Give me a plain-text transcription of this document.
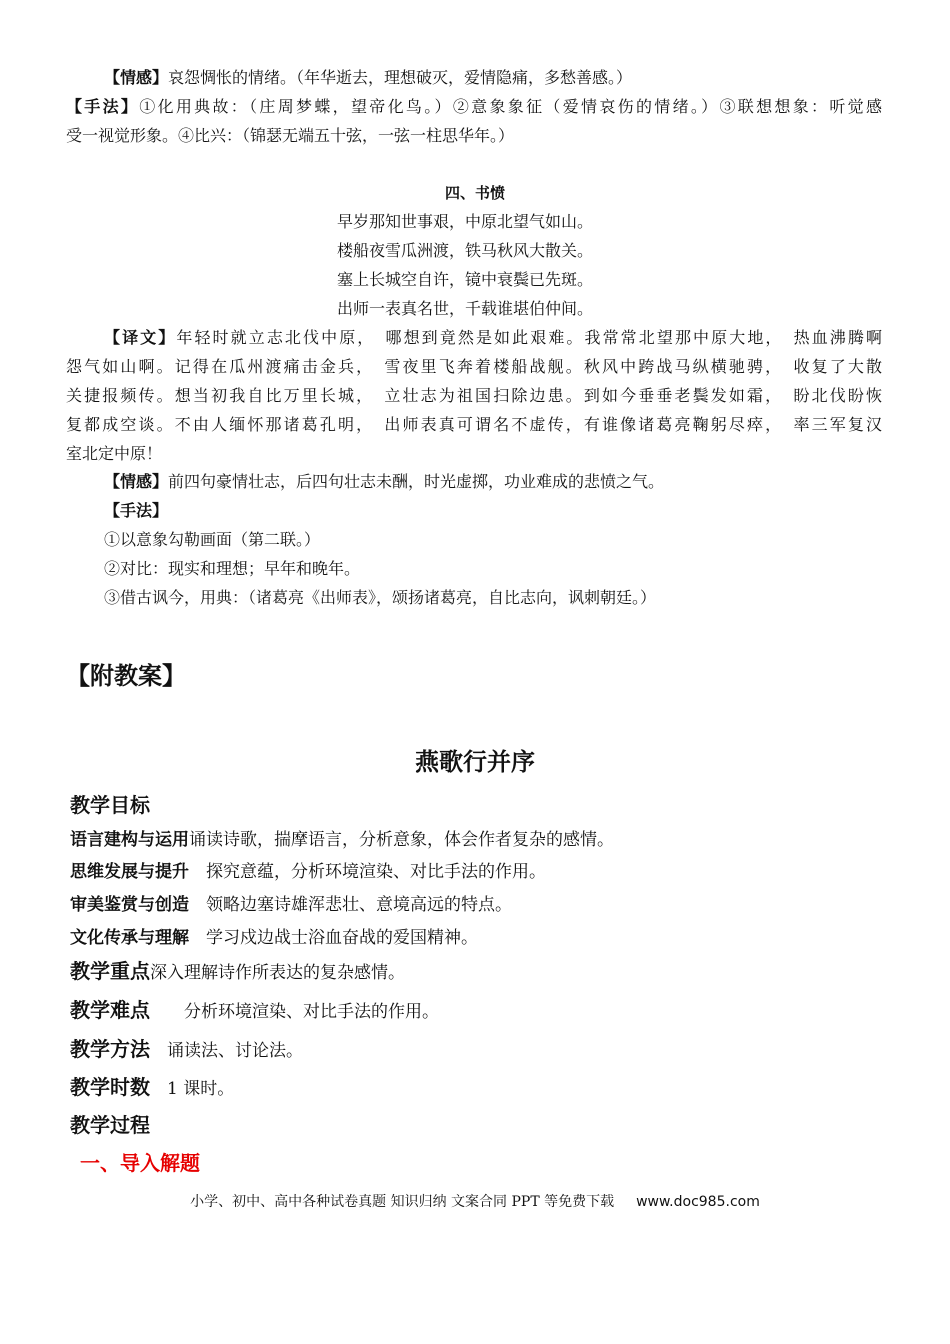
【情感】哀怨惆怅的情绪。（年华逝去，理想破灭，爱情隐痛，多愁善感。）
【手法】①化用典故：（庄周梦蝶，望帝化鸟。）②意象象征（爱情哀伤的情绪。）③联想想象：听觉感
受一视觉形象。④比兴：（锦瑟无端五十弦，一弦一柱思华年。）
四、书愤
早岁那知世事艰，中原北望气如山。
楼船夜雪瓜洲渡，铁马秋风大散关。
塞上长城空自许，镜中衰鬓已先斑。
出师一表真名世，千载谁堪伯仲间。
【译文】年轻时就立志北伐中原，　哪想到竟然是如此艰难。我常常北望那中原大地，　热血沸腾啊
怨气如山啊。记得在瓜州渡痛击金兵，　雪夜里飞奔着楼船战舰。秋风中跨战马纵横驰骋，　收复了大散
关捷报频传。想当初我自比万里长城，　立壮志为祖国扫除边患。到如今垂垂老鬓发如霜，　盼北伐盼恢
复都成空谈。不由人缅怀那诸葛孔明，　出师表真可谓名不虚传，有谁像诸葛亮鞠躬尽瘁，　率三军复汉
室北定中原！
【情感】前四句豪情壮志，后四句壮志未酬，时光虚掷，功业难成的悲愤之气。
【手法】
①以意象勾勒画面（第二联。）
②对比：现实和理想；早年和晚年。
③借古讽今，用典：（诸葛亮《出师表》，颂扬诸葛亮，自比志向，讽刺朝廷。）
【附教案】
燕歌行并序
教学目标
语言建构与运用诵读诗歌，揣摩语言，分析意象，体会作者复杂的感情。
思维发展与提升　探究意蕴，分析环境渲染、对比手法的作用。
审美鉴赏与创造　领略边塞诗雄浑悲壮、意境高远的特点。
文化传承与理解　学习戍边战士浴血奋战的爱国精神。
教学重点深入理解诗作所表达的复杂感情。
教学难点　　分析环境渲染、对比手法的作用。
教学方法　诵读法、讨论法。
教学时数　1 课时。
教学过程
一、导入解题
小学、初中、高中各种试卷真题 知识归纳 文案合同 PPT 等免费下载 www.doc985.com
